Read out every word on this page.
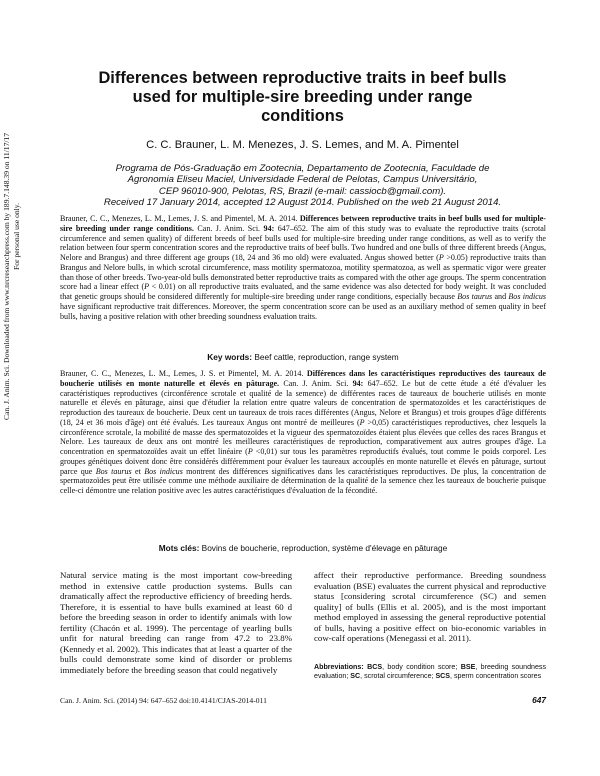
Can. J. Anim. Sci. Downloaded from www.nrcresearchpress.com by 189.7.148.39 on 11/17/17 For personal use only.
Differences between reproductive traits in beef bulls used for multiple-sire breeding under range conditions
C. C. Brauner, L. M. Menezes, J. S. Lemes, and M. A. Pimentel
Programa de Pós-Graduação em Zootecnia, Departamento de Zootecnia, Faculdade de
Agronomia Eliseu Maciel, Universidade Federal de Pelotas, Campus Universitário,
CEP 96010-900, Pelotas, RS, Brazil (e-mail: cassiocb@gmail.com).
Received 17 January 2014, accepted 12 August 2014. Published on the web 21 August 2014.
Brauner, C. C., Menezes, L. M., Lemes, J. S. and Pimentel, M. A. 2014. Differences between reproductive traits in beef bulls used for multiple-sire breeding under range conditions. Can. J. Anim. Sci. 94: 647–652. The aim of this study was to evaluate the reproductive traits (scrotal circumference and semen quality) of different breeds of beef bulls used for multiple-sire breeding under range conditions, as well as to verify the relation between four sperm concentration scores and the reproductive traits of beef bulls. Two hundred and one bulls of three different breeds (Angus, Nelore and Brangus) and three different age groups (18, 24 and 36 mo old) were evaluated. Angus showed better (P >0.05) reproductive traits than Brangus and Nelore bulls, in which scrotal circumference, mass motility spermatozoa, motility spermatozoa, as well as spermatic vigor were greater than those of other breeds. Two-year-old bulls demonstrated better reproductive traits as compared with the other age groups. The sperm concentration score had a linear effect (P < 0.01) on all reproductive traits evaluated, and the same evidence was also detected for body weight. It was concluded that genetic groups should be considered differently for multiple-sire breeding under range conditions, especially because Bos taurus and Bos indicus have significant reproductive trait differences. Moreover, the sperm concentration score can be used as an auxiliary method of semen quality in beef bulls, having a positive relation with other breeding soundness evaluation traits.
Key words: Beef cattle, reproduction, range system
Brauner, C. C., Menezes, L. M., Lemes, J. S. et Pimentel, M. A. 2014. Différences dans les caractéristiques reproductives des taureaux de boucherie utilisés en monte naturelle et élevés en pâturage. Can. J. Anim. Sci. 94: 647–652. Le but de cette étude a été d'évaluer les caractéristiques reproductives (circonférence scrotale et qualité de la semence) de différentes races de taureaux de boucherie utilisés en monte naturelle et élevés en pâturage, ainsi que d'étudier la relation entre quatre valeurs de concentration de spermatozoïdes et les caractéristiques de reproduction des taureaux de boucherie. Deux cent un taureaux de trois races différentes (Angus, Nelore et Brangus) et trois groupes d'âge différents (18, 24 et 36 mois d'âge) ont été évalués. Les taureaux Angus ont montré de meilleures (P >0,05) caractéristiques reproductives, chez lesquels la circonférence scrotale, la mobilité de masse des spermatozoïdes et la vigueur des spermatozoïdes étaient plus élevées que celles des races Brangus et Nelore. Les taureaux de deux ans ont montré les meilleures caractéristiques de reproduction, comparativement aux autres groupes d'âge. La concentration en spermatozoïdes avait un effet linéaire (P <0,01) sur tous les paramètres reproductifs évalués, tout comme le poids corporel. Les groupes génétiques doivent donc être considérés différemment pour évaluer les taureaux accouplés en monte naturelle et élevés en pâturage, surtout parce que Bos taurus et Bos indicus montrent des différences significatives dans les caractéristiques reproductives. De plus, la concentration de spermatozoïdes peut être utilisée comme une méthode auxiliaire de détermination de la qualité de la semence chez les taureaux de boucherie puisque celle-ci démontre une relation positive avec les autres caractéristiques d'évaluation de la fécondité.
Mots clés: Bovins de boucherie, reproduction, système d'élevage en pâturage
Natural service mating is the most important cow-breeding method in extensive cattle production systems. Bulls can dramatically affect the reproductive efficiency of breeding herds. Therefore, it is essential to have bulls examined at least 60 d before the breeding season in order to identify animals with low fertility (Chacón et al. 1999). The percentage of yearling bulls unfit for natural breeding can range from 47.2 to 23.8% (Kennedy et al. 2002). This indicates that at least a quarter of the bulls could demonstrate some kind of disorder or problems immediately before the breeding season that could negatively
affect their reproductive performance. Breeding soundness evaluation (BSE) evaluates the current physical and reproductive status [considering scrotal circumference (SC) and semen quality] of bulls (Ellis et al. 2005), and is the most important method employed in assessing the general reproductive potential of bulls, having a positive effect on bio-economic variables in cow-calf operations (Menegassi et al. 2011).
Abbreviations: BCS, body condition score; BSE, breeding soundness evaluation; SC, scrotal circumference; SCS, sperm concentration scores
Can. J. Anim. Sci. (2014) 94: 647–652 doi:10.4141/CJAS-2014-011	647
